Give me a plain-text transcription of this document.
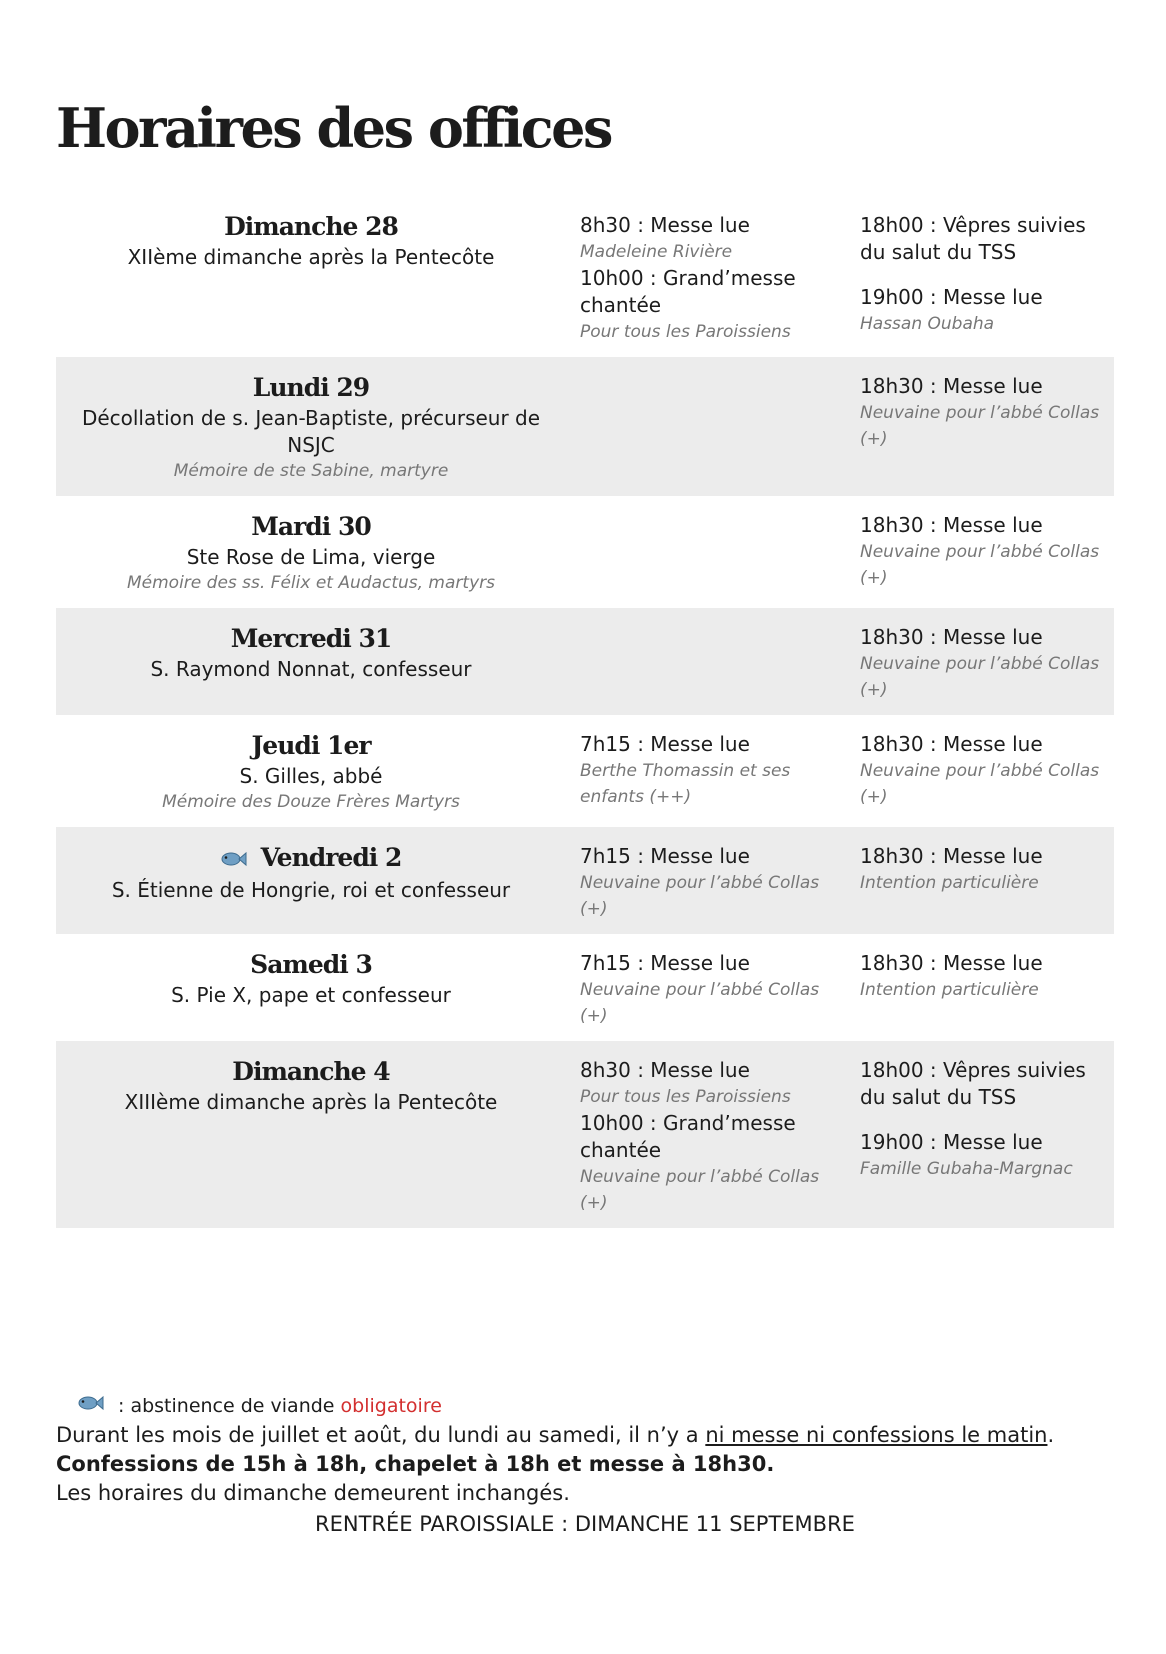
Horaires des offices
Dimanche 28
XIIème dimanche après la Pentecôte
8h30 : Messe lue
Madeleine Rivière
10h00 : Grand’messe chantée
Pour tous les Paroissiens
18h00 : Vêpres suivies du salut du TSS
19h00 : Messe lue
Hassan Oubaha
Lundi 29
Décollation de s. Jean-Baptiste, précurseur de NSJC
Mémoire de ste Sabine, martyre
18h30 : Messe lue
Neuvaine pour l’abbé Collas (+)
Mardi 30
Ste Rose de Lima, vierge
Mémoire des ss. Félix et Audactus, martyrs
18h30 : Messe lue
Neuvaine pour l’abbé Collas (+)
Mercredi 31
S. Raymond Nonnat, confesseur
18h30 : Messe lue
Neuvaine pour l’abbé Collas (+)
Jeudi 1er
S. Gilles, abbé
Mémoire des Douze Frères Martyrs
7h15 : Messe lue
Berthe Thomassin et ses enfants (++)
18h30 : Messe lue
Neuvaine pour l’abbé Collas (+)
Vendredi 2
S. Étienne de Hongrie, roi et confesseur
7h15 : Messe lue
Neuvaine pour l’abbé Collas (+)
18h30 : Messe lue
Intention particulière
Samedi 3
S. Pie X, pape et confesseur
7h15 : Messe lue
Neuvaine pour l’abbé Collas (+)
18h30 : Messe lue
Intention particulière
Dimanche 4
XIIIème dimanche après la Pentecôte
8h30 : Messe lue
Pour tous les Paroissiens
10h00 : Grand’messe chantée
Neuvaine pour l’abbé Collas (+)
18h00 : Vêpres suivies du salut du TSS
19h00 : Messe lue
Famille Gubaha-Margnac
: abstinence de viande obligatoire
Durant les mois de juillet et août, du lundi au samedi, il n’y a ni messe ni confessions le matin.
Confessions de 15h à 18h, chapelet à 18h et messe à 18h30.
Les horaires du dimanche demeurent inchangés.
RENTRÉE PAROISSIALE : DIMANCHE 11 SEPTEMBRE
